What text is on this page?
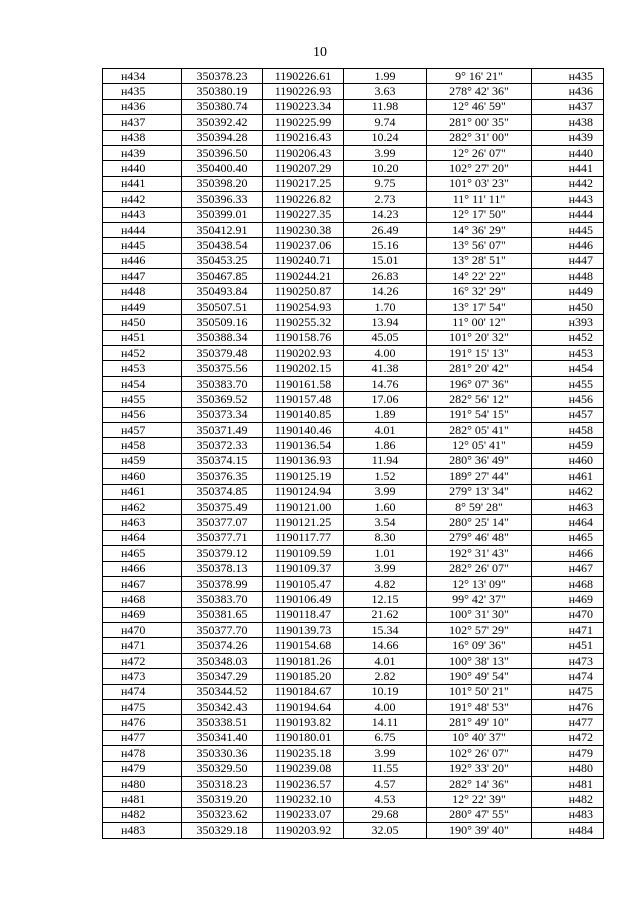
10
н434	350378.23	1190226.61	1.99	9° 16' 21"	н435
н435	350380.19	1190226.93	3.63	278° 42' 36"	н436
н436	350380.74	1190223.34	11.98	12° 46' 59"	н437
н437	350392.42	1190225.99	9.74	281° 00' 35"	н438
н438	350394.28	1190216.43	10.24	282° 31' 00"	н439
н439	350396.50	1190206.43	3.99	12° 26' 07"	н440
н440	350400.40	1190207.29	10.20	102° 27' 20"	н441
н441	350398.20	1190217.25	9.75	101° 03' 23"	н442
н442	350396.33	1190226.82	2.73	11° 11' 11"	н443
н443	350399.01	1190227.35	14.23	12° 17' 50"	н444
н444	350412.91	1190230.38	26.49	14° 36' 29"	н445
н445	350438.54	1190237.06	15.16	13° 56' 07"	н446
н446	350453.25	1190240.71	15.01	13° 28' 51"	н447
н447	350467.85	1190244.21	26.83	14° 22' 22"	н448
н448	350493.84	1190250.87	14.26	16° 32' 29"	н449
н449	350507.51	1190254.93	1.70	13° 17' 54"	н450
н450	350509.16	1190255.32	13.94	11° 00' 12"	н393
н451	350388.34	1190158.76	45.05	101° 20' 32"	н452
н452	350379.48	1190202.93	4.00	191° 15' 13"	н453
н453	350375.56	1190202.15	41.38	281° 20' 42"	н454
н454	350383.70	1190161.58	14.76	196° 07' 36"	н455
н455	350369.52	1190157.48	17.06	282° 56' 12"	н456
н456	350373.34	1190140.85	1.89	191° 54' 15"	н457
н457	350371.49	1190140.46	4.01	282° 05' 41"	н458
н458	350372.33	1190136.54	1.86	12° 05' 41"	н459
н459	350374.15	1190136.93	11.94	280° 36' 49"	н460
н460	350376.35	1190125.19	1.52	189° 27' 44"	н461
н461	350374.85	1190124.94	3.99	279° 13' 34"	н462
н462	350375.49	1190121.00	1.60	8° 59' 28"	н463
н463	350377.07	1190121.25	3.54	280° 25' 14"	н464
н464	350377.71	1190117.77	8.30	279° 46' 48"	н465
н465	350379.12	1190109.59	1.01	192° 31' 43"	н466
н466	350378.13	1190109.37	3.99	282° 26' 07"	н467
н467	350378.99	1190105.47	4.82	12° 13' 09"	н468
н468	350383.70	1190106.49	12.15	99° 42' 37"	н469
н469	350381.65	1190118.47	21.62	100° 31' 30"	н470
н470	350377.70	1190139.73	15.34	102° 57' 29"	н471
н471	350374.26	1190154.68	14.66	16° 09' 36"	н451
н472	350348.03	1190181.26	4.01	100° 38' 13"	н473
н473	350347.29	1190185.20	2.82	190° 49' 54"	н474
н474	350344.52	1190184.67	10.19	101° 50' 21"	н475
н475	350342.43	1190194.64	4.00	191° 48' 53"	н476
н476	350338.51	1190193.82	14.11	281° 49' 10"	н477
н477	350341.40	1190180.01	6.75	10° 40' 37"	н472
н478	350330.36	1190235.18	3.99	102° 26' 07"	н479
н479	350329.50	1190239.08	11.55	192° 33' 20"	н480
н480	350318.23	1190236.57	4.57	282° 14' 36"	н481
н481	350319.20	1190232.10	4.53	12° 22' 39"	н482
н482	350323.62	1190233.07	29.68	280° 47' 55"	н483
н483	350329.18	1190203.92	32.05	190° 39' 40"	н484
